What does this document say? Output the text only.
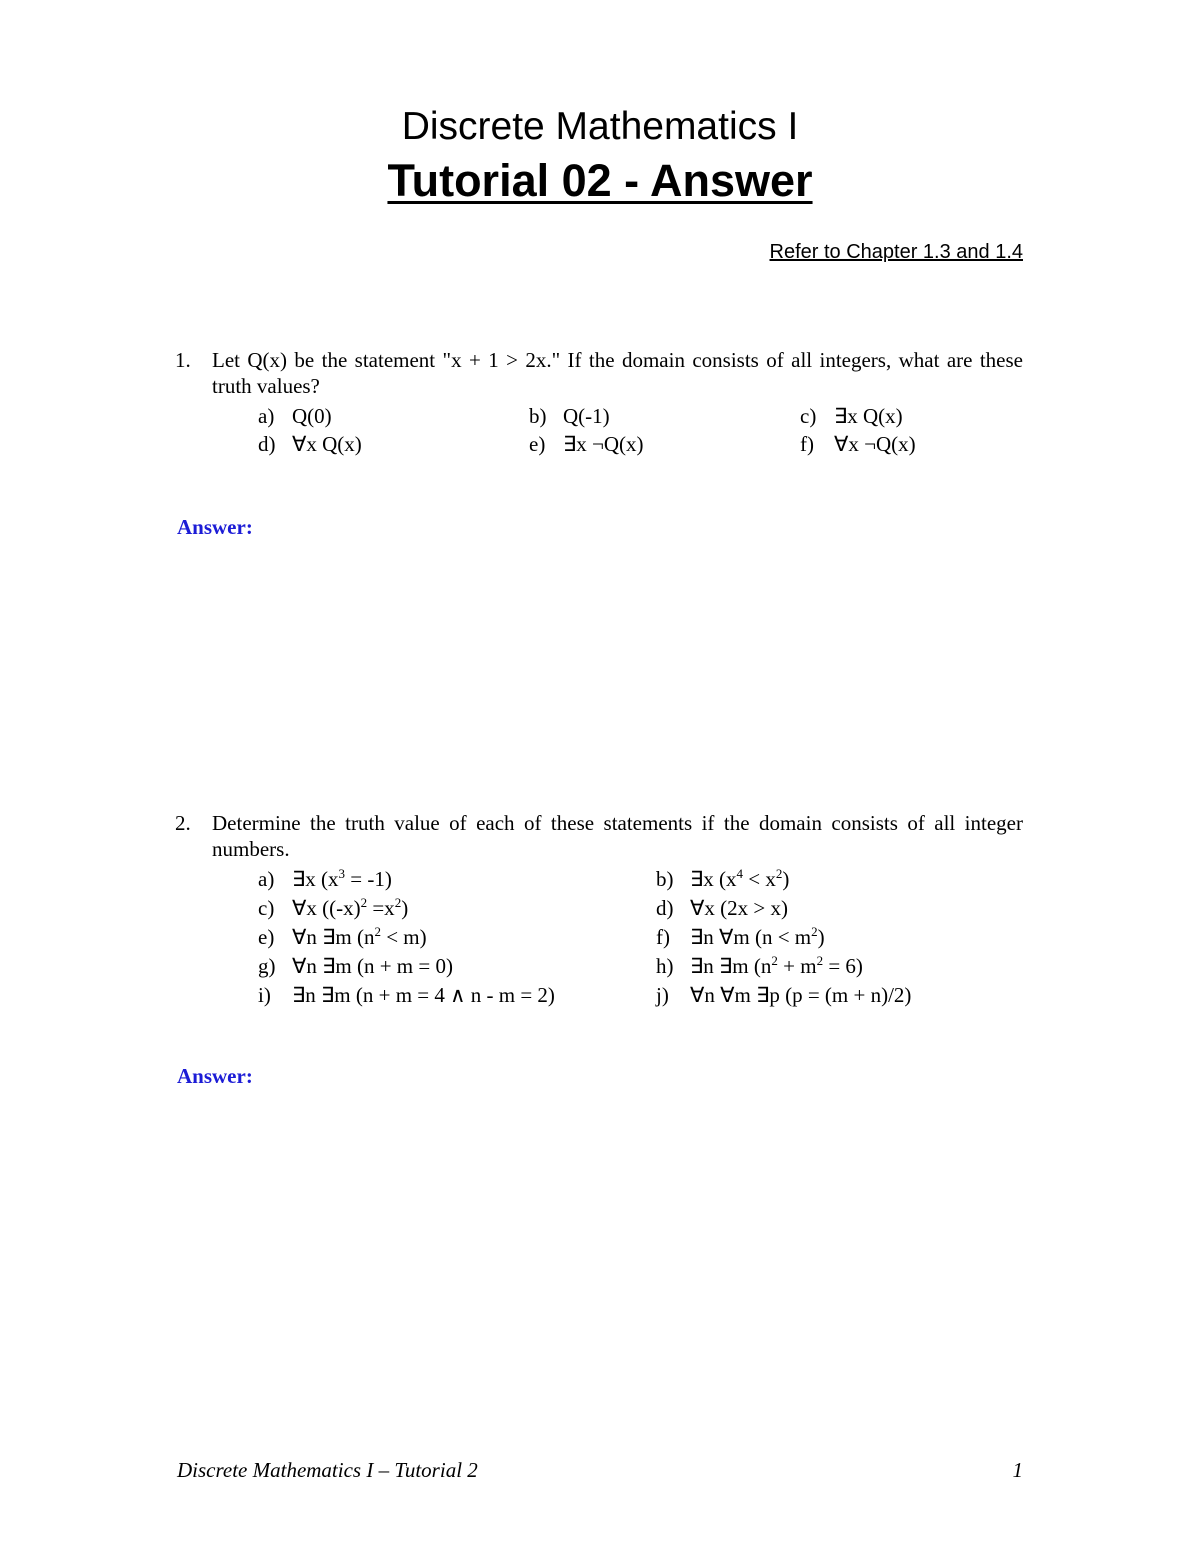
Discrete Mathematics I
Tutorial 02 - Answer
Refer to Chapter 1.3 and 1.4
1. Let Q(x) be the statement "x + 1 > 2x." If the domain consists of all integers, what are these truth values?
a) Q(0)	b) Q(-1)	c) ∃x Q(x)
d) ∀x Q(x)	e) ∃x ¬Q(x)	f) ∀x ¬Q(x)
Answer:
2. Determine the truth value of each of these statements if the domain consists of all integer numbers.
a) ∃x $(x^3 = -1)$	b) ∃x $(x^4 < x^2)$
c) ∀x $((-x)^2 =x^2)$	d) ∀x (2x > x)
e) ∀n ∃m $(n^2 < m)$	f) ∃n ∀m $(n < m^2)$
g) ∀n ∃m (n + m = 0)	h) ∃n ∃m $(n^2 + m^2 = 6)$
i) ∃n ∃m (n + m = 4 ∧ n - m = 2)	j) ∀n ∀m ∃p (p = (m + n)/2)
Answer:
Discrete Mathematics I – Tutorial 2	1
